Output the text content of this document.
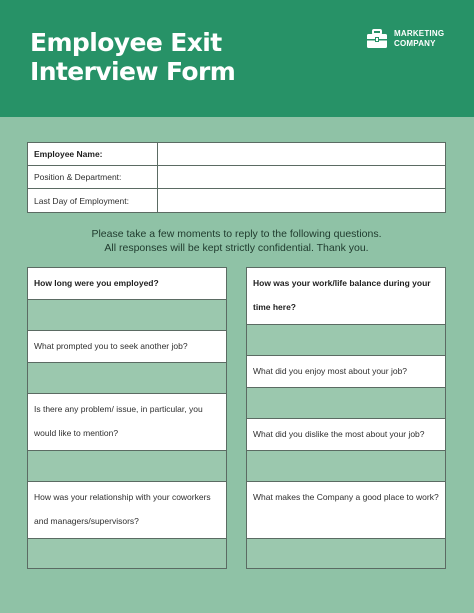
Employee Exit
Interview Form
MARKETING
COMPANY
Employee Name:
Position & Department:
Last Day of Employment:
Please take a few moments to reply to the following questions.
All responses will be kept strictly confidential. Thank you.
How long were you employed?
What prompted you to seek another job?
Is there any problem/ issue, in particular, you would like to mention?
How was your relationship with your coworkers and managers/supervisors?
How was your work/life balance during your time here?
What did you enjoy most about your job?
What did you dislike the most about your job?
What makes the Company a good place to work?
